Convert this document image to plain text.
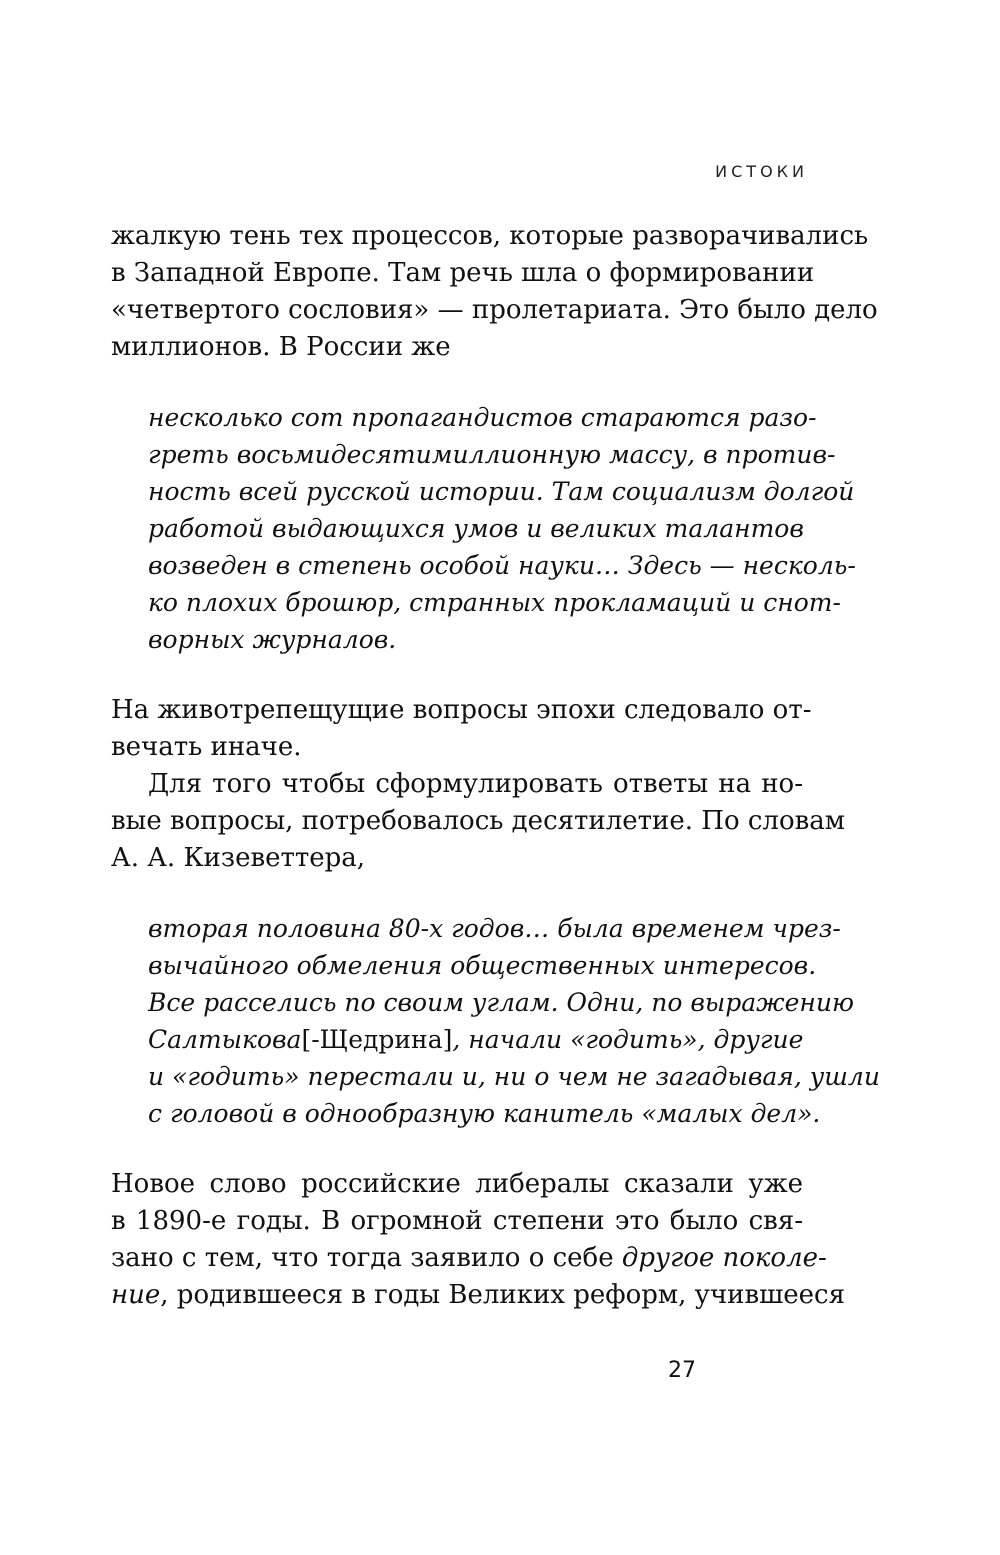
ИСТОКИ
жалкую тень тех процессов, которые разворачивались
в Западной Европе. Там речь шла о формировании
«четвертого сословия» — пролетариата. Это было дело
миллионов. В России же
несколько сот пропагандистов стараются разо-
греть восьмидесятимиллионную массу, в против-
ность всей русской истории. Там социализм долгой
работой выдающихся умов и великих талантов
возведен в степень особой науки… Здесь — несколь-
ко плохих брошюр, странных прокламаций и снот-
ворных журналов.
На животрепещущие вопросы эпохи следовало от-
вечать иначе.
Для того чтобы сформулировать ответы на но-
вые вопросы, потребовалось десятилетие. По словам
А. А. Кизеветтера,
вторая половина 80-х годов… была временем чрез-
вычайного обмеления общественных интересов.
Все расселись по своим углам. Одни, по выражению
Салтыкова[-Щедрина], начали «годить», другие
и «годить» перестали и, ни о чем не загадывая, ушли
с головой в однообразную канитель «малых дел».
Новое слово российские либералы сказали уже
в 1890-е годы. В огромной степени это было свя-
зано с тем, что тогда заявило о себе другое поколе-
ние, родившееся в годы Великих реформ, учившееся
27
